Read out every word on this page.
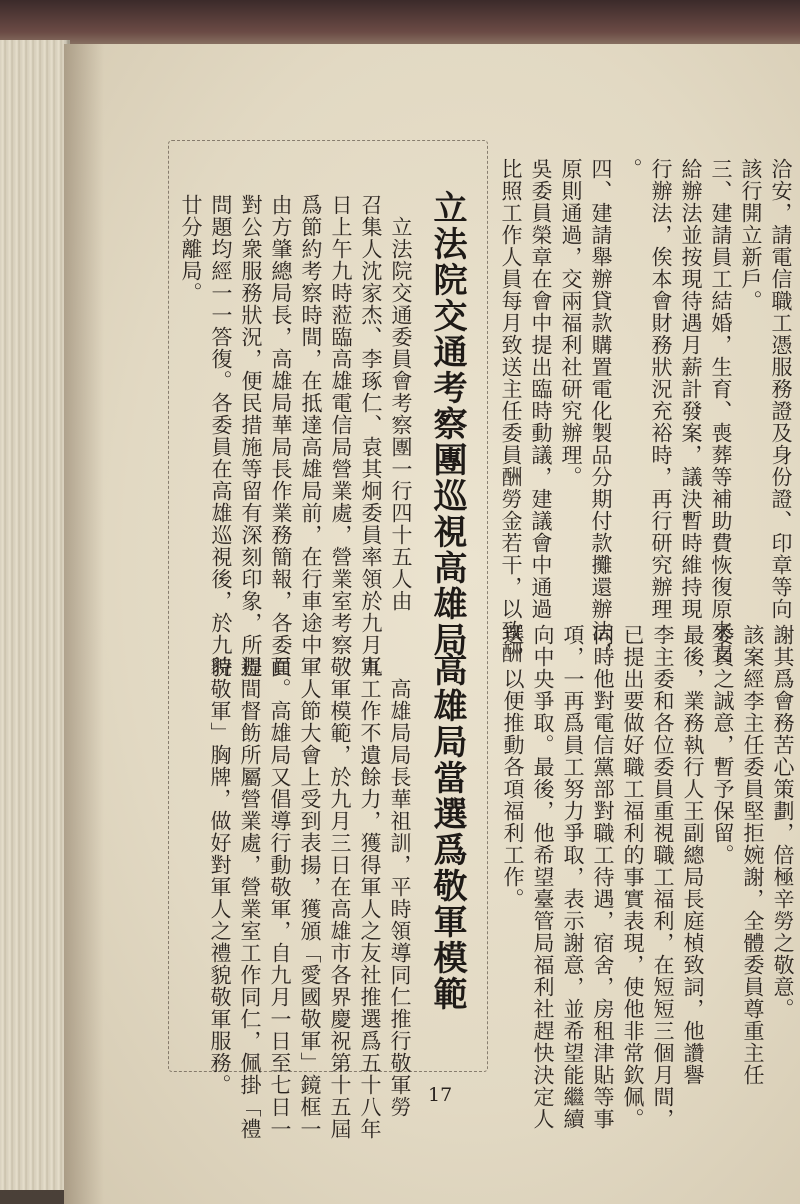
洽安，請電信職工憑服務證及身份證、印章等向
該行開立新戶。
三、建請員工結婚，生育、喪葬等補助費恢復原來支
給辦法並按現待遇月薪計發案，議決暫時維持現
行辦法，俟本會財務狀況充裕時，再行研究辦理
。
四、建請舉辦貸款購置電化製品分期付款攤還辦法，
原則通過，交兩福利社研究辦理。
吳委員榮章在會中提出臨時動議，建議會中通過
比照工作人員每月致送主任委員酬勞金若干，以致酬
謝其爲會務苦心策劃，倍極辛勞之敬意。
該案經李主任委員堅拒婉謝，全體委員尊重主任
委員之誠意，暫予保留。
最後，業務執行人王副總局長庭楨致詞，他讚譽
李主委和各位委員重視職工福利，在短短三個月間，
已提出要做好職工福利的事實表現，使他非常欽佩。
同時他對電信黨部對職工待遇，宿舍，房租津貼等事
項，一再爲員工努力爭取，表示謝意，並希望能繼續
向中央爭取。最後，他希望臺管局福利社趕快決定人
選，以便推動各項福利工作。
立法院交通考察團巡視高雄局
　立法院交通委員會考察團一行四十五人由
召集人沈家杰、李琢仁、袁其炯委員率領於九月九
日上午九時蒞臨高雄電信局營業處，營業室考察，
爲節約考察時間，在抵達高雄局前，在行車途中，
由方肇總局長，高雄局華局長作業務簡報，各委員
對公衆服務狀況，便民措施等留有深刻印象，所提
問題均經一一答復。各委員在高雄巡視後，於九時
廿分離局。
高雄局當選爲敬軍模範
　高雄局局長華祖訓，平時領導同仁推行敬軍勞
軍工作不遺餘力，獲得軍人之友社推選爲五十八年
敬軍模範，於九月三日在高雄市各界慶祝第十五屆
軍人節大會上受到表揚，獲頒「愛國敬軍」鏡框一
面。高雄局又倡導行動敬軍，自九月一日至七日一
週間督飭所屬營業處，營業室工作同仁，佩掛「禮
貌敬軍」胸牌，做好對軍人之禮貌敬軍服務。	17
